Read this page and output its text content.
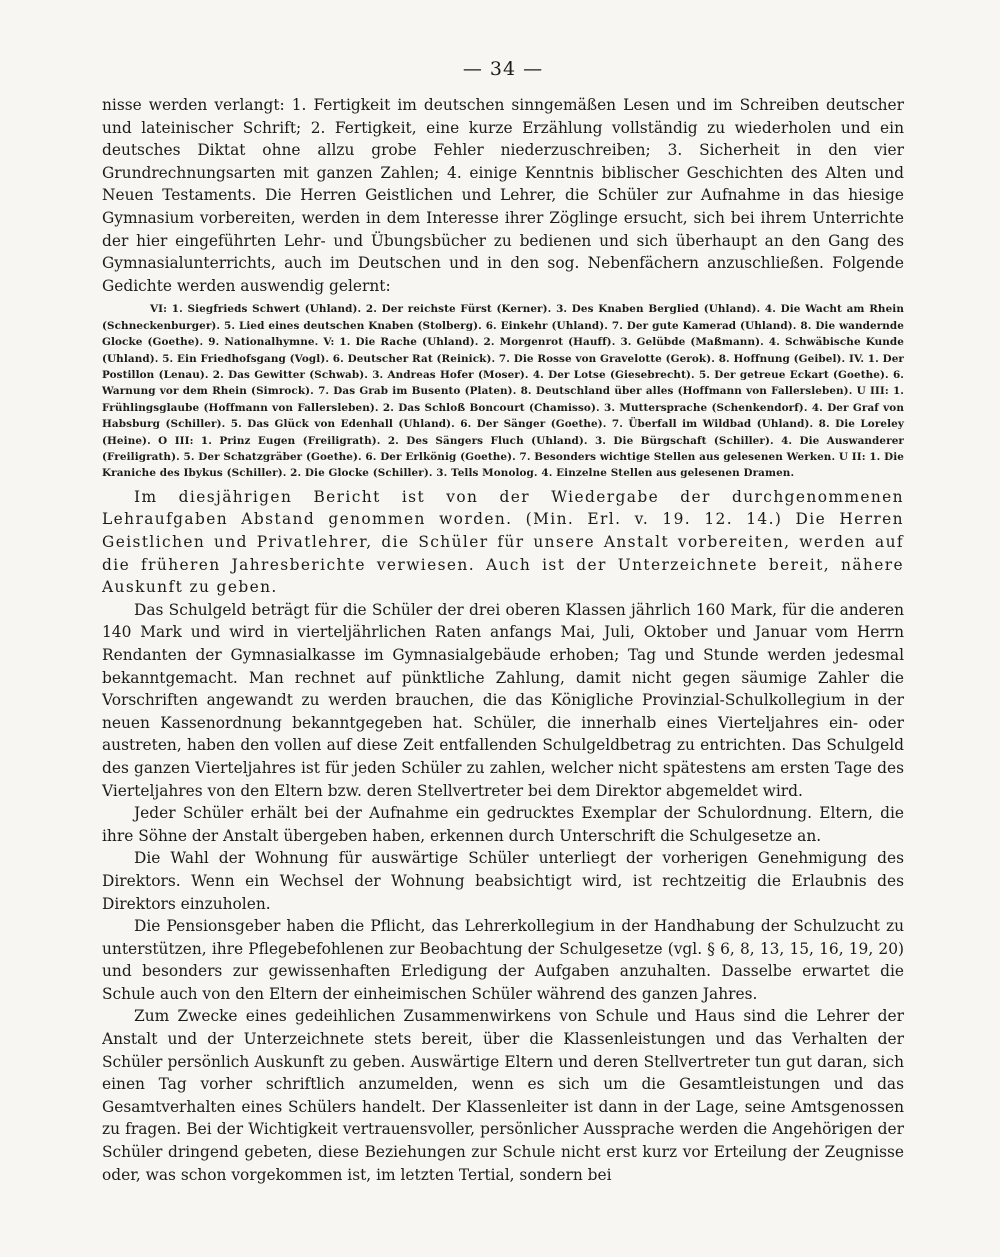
— 34 —

nisse werden verlangt: 1. Fertigkeit im deutschen sinngemäßen Lesen und im Schreiben deutscher und lateinischer Schrift; 2. Fertigkeit, eine kurze Erzählung vollständig zu wiederholen und ein deutsches Diktat ohne allzu grobe Fehler niederzuschreiben; 3. Sicherheit in den vier Grundrechnungsarten mit ganzen Zahlen; 4. einige Kenntnis biblischer Geschichten des Alten und Neuen Testaments. Die Herren Geistlichen und Lehrer, die Schüler zur Aufnahme in das hiesige Gymnasium vorbereiten, werden in dem Interesse ihrer Zöglinge ersucht, sich bei ihrem Unterrichte der hier eingeführten Lehr- und Übungsbücher zu bedienen und sich überhaupt an den Gang des Gymnasialunterrichts, auch im Deutschen und in den sog. Nebenfächern anzuschließen. Folgende Gedichte werden auswendig gelernt:

VI: 1. Siegfrieds Schwert (Uhland). 2. Der reichste Fürst (Kerner). 3. Des Knaben Berglied (Uhland). 4. Die Wacht am Rhein (Schneckenburger). 5. Lied eines deutschen Knaben (Stolberg). 6. Einkehr (Uhland). 7. Der gute Kamerad (Uhland). 8. Die wandernde Glocke (Goethe). 9. Nationalhymne. V: 1. Die Rache (Uhland). 2. Morgenrot (Hauff). 3. Gelübde (Maßmann). 4. Schwäbische Kunde (Uhland). 5. Ein Friedhofsgang (Vogl). 6. Deutscher Rat (Reinick). 7. Die Rosse von Gravelotte (Gerok). 8. Hoffnung (Geibel). IV. 1. Der Postillon (Lenau). 2. Das Gewitter (Schwab). 3. Andreas Hofer (Moser). 4. Der Lotse (Giesebrecht). 5. Der getreue Eckart (Goethe). 6. Warnung vor dem Rhein (Simrock). 7. Das Grab im Busento (Platen). 8. Deutschland über alles (Hoffmann von Fallersleben). U III: 1. Frühlingsglaube (Hoffmann von Fallersleben). 2. Das Schloß Boncourt (Chamisso). 3. Muttersprache (Schenkendorf). 4. Der Graf von Habsburg (Schiller). 5. Das Glück von Edenhall (Uhland). 6. Der Sänger (Goethe). 7. Überfall im Wildbad (Uhland). 8. Die Loreley (Heine). O III: 1. Prinz Eugen (Freiligrath). 2. Des Sängers Fluch (Uhland). 3. Die Bürgschaft (Schiller). 4. Die Auswanderer (Freiligrath). 5. Der Schatzgräber (Goethe). 6. Der Erlkönig (Goethe). 7. Besonders wichtige Stellen aus gelesenen Werken. U II: 1. Die Kraniche des Ibykus (Schiller). 2. Die Glocke (Schiller). 3. Tells Monolog. 4. Einzelne Stellen aus gelesenen Dramen.

Im diesjährigen Bericht ist von der Wiedergabe der durchgenommenen Lehraufgaben Abstand genommen worden. (Min. Erl. v. 19. 12. 14.) Die Herren Geistlichen und Privatlehrer, die Schüler für unsere Anstalt vorbereiten, werden auf die früheren Jahresberichte verwiesen. Auch ist der Unterzeichnete bereit, nähere Auskunft zu geben.

Das Schulgeld beträgt für die Schüler der drei oberen Klassen jährlich 160 Mark, für die anderen 140 Mark und wird in vierteljährlichen Raten anfangs Mai, Juli, Oktober und Januar vom Herrn Rendanten der Gymnasialkasse im Gymnasialgebäude erhoben; Tag und Stunde werden jedesmal bekanntgemacht. Man rechnet auf pünktliche Zahlung, damit nicht gegen säumige Zahler die Vorschriften angewandt zu werden brauchen, die das Königliche Provinzial-Schulkollegium in der neuen Kassenordnung bekanntgegeben hat. Schüler, die innerhalb eines Vierteljahres ein- oder austreten, haben den vollen auf diese Zeit entfallenden Schulgeldbetrag zu entrichten. Das Schulgeld des ganzen Vierteljahres ist für jeden Schüler zu zahlen, welcher nicht spätestens am ersten Tage des Vierteljahres von den Eltern bzw. deren Stellvertreter bei dem Direktor abgemeldet wird.

Jeder Schüler erhält bei der Aufnahme ein gedrucktes Exemplar der Schulordnung. Eltern, die ihre Söhne der Anstalt übergeben haben, erkennen durch Unterschrift die Schulgesetze an.

Die Wahl der Wohnung für auswärtige Schüler unterliegt der vorherigen Genehmigung des Direktors. Wenn ein Wechsel der Wohnung beabsichtigt wird, ist rechtzeitig die Erlaubnis des Direktors einzuholen.

Die Pensionsgeber haben die Pflicht, das Lehrerkollegium in der Handhabung der Schulzucht zu unterstützen, ihre Pflegebefohlenen zur Beobachtung der Schulgesetze (vgl. § 6, 8, 13, 15, 16, 19, 20) und besonders zur gewissenhaften Erledigung der Aufgaben anzuhalten. Dasselbe erwartet die Schule auch von den Eltern der einheimischen Schüler während des ganzen Jahres.

Zum Zwecke eines gedeihlichen Zusammenwirkens von Schule und Haus sind die Lehrer der Anstalt und der Unterzeichnete stets bereit, über die Klassenleistungen und das Verhalten der Schüler persönlich Auskunft zu geben. Auswärtige Eltern und deren Stellvertreter tun gut daran, sich einen Tag vorher schriftlich anzumelden, wenn es sich um die Gesamtleistungen und das Gesamtverhalten eines Schülers handelt. Der Klassenleiter ist dann in der Lage, seine Amtsgenossen zu fragen. Bei der Wichtigkeit vertrauensvoller, persönlicher Aussprache werden die Angehörigen der Schüler dringend gebeten, diese Beziehungen zur Schule nicht erst kurz vor Erteilung der Zeugnisse oder, was schon vorgekommen ist, im letzten Tertial, sondern bei
